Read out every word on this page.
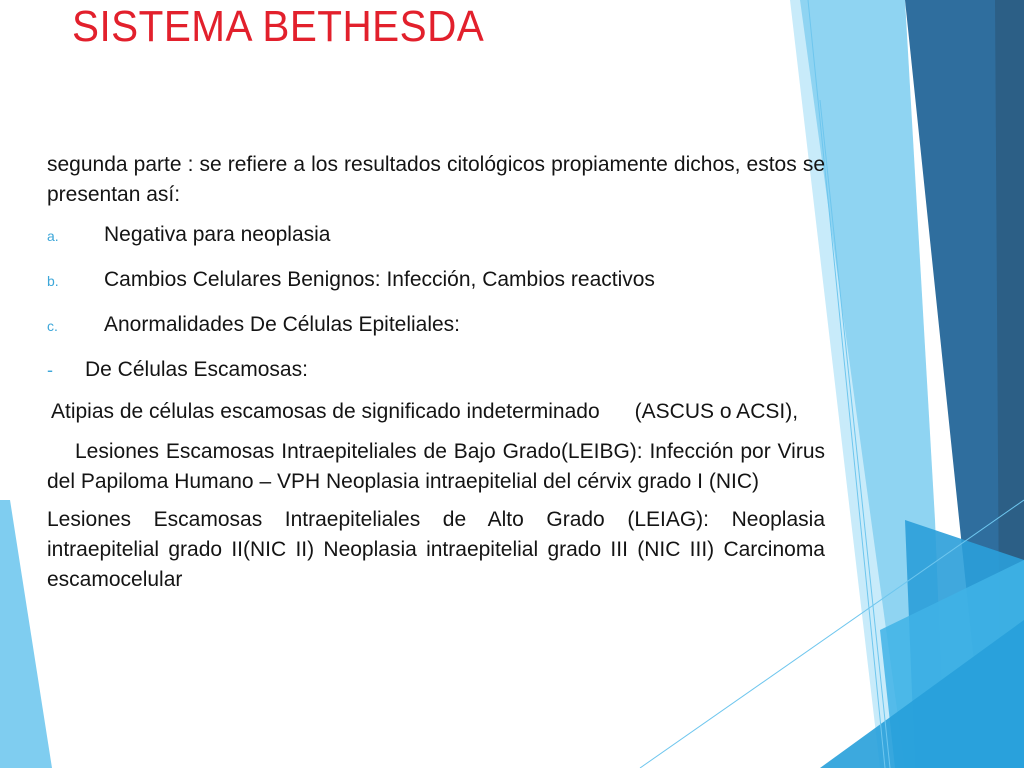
SISTEMA BETHESDA

segunda parte : se refiere a los resultados citológicos propiamente dichos, estos se presentan así:

a.	Negativa para neoplasia

b.	Cambios Celulares Benignos: Infección, Cambios reactivos

c.	Anormalidades De Células Epiteliales:

-	De Células Escamosas:

Atipias de células escamosas de significado indeterminado      (ASCUS o ACSI),

Lesiones Escamosas Intraepiteliales de Bajo Grado(LEIBG): Infección por Virus del Papiloma Humano – VPH Neoplasia intraepitelial del cérvix grado I (NIC)

Lesiones Escamosas Intraepiteliales de Alto Grado (LEIAG): Neoplasia intraepitelial grado II(NIC II) Neoplasia intraepitelial grado III (NIC III) Carcinoma escamocelular
